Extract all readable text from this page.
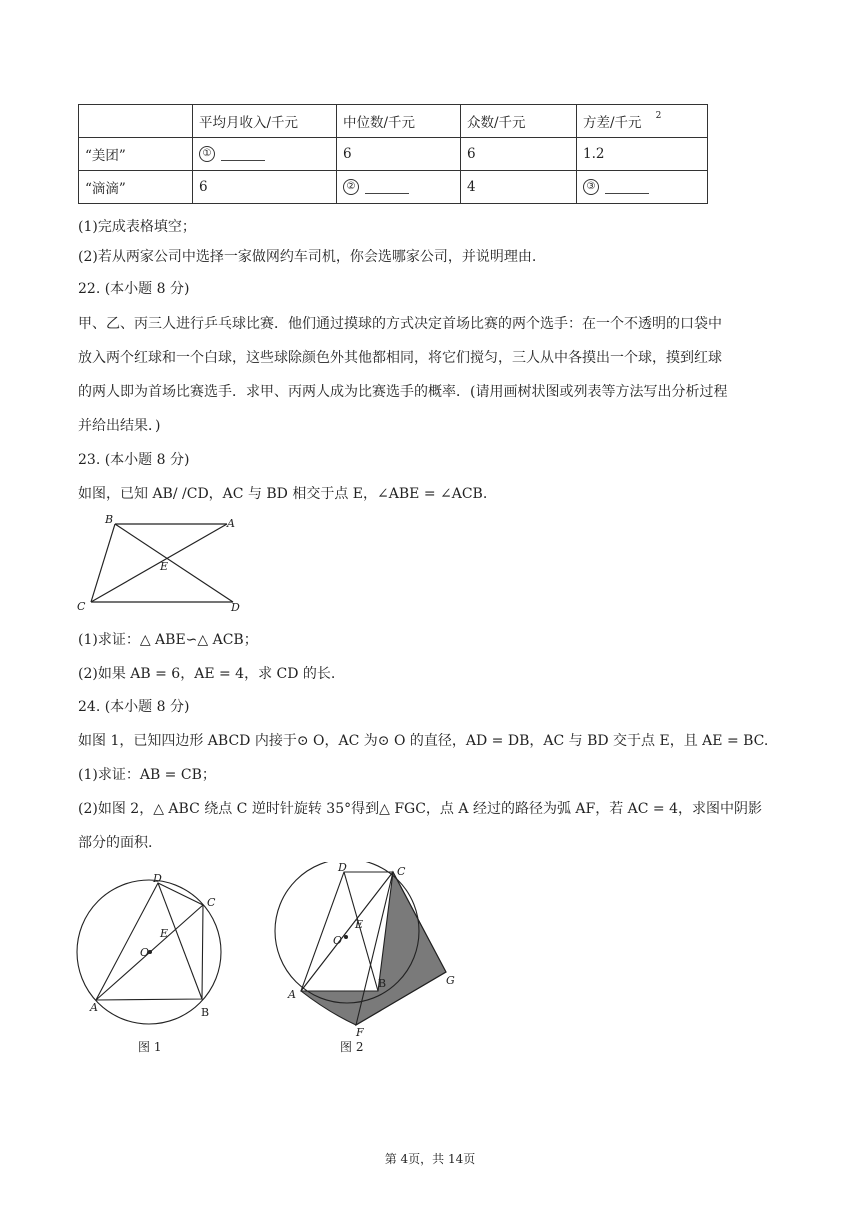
	平均月收入/千元	中位数/千元	众数/千元	方差/千元 $^2$
“美团”	①	6	6	1.2
“滴滴”	6	②	4	③
(1)完成表格填空；
(2)若从两家公司中选择一家做网约车司机，你会选哪家公司，并说明理由.
22. (本小题 8 分)
甲、乙、丙三人进行乒乓球比赛．他们通过摸球的方式决定首场比赛的两个选手：在一个不透明的口袋中
放入两个红球和一个白球，这些球除颜色外其他都相同，将它们搅匀，三人从中各摸出一个球，摸到红球
的两人即为首场比赛选手．求甲、丙两人成为比赛选手的概率．(请用画树状图或列表等方法写出分析过程
并给出结果．)
23. (本小题 8 分)
如图，已知 AB/ /CD，AC 与 BD 相交于点 E，∠ABE = ∠ACB.
B	A
E
C	D
(1)求证：△ ABE∽△ ACB；
(2)如果 AB = 6，AE = 4，求 CD 的长.
24. (本小题 8 分)
如图 1，已知四边形 ABCD 内接于⊙ O，AC 为⊙ O 的直径，AD = DB，AC 与 BD 交于点 E，且 AE = BC.
(1)求证：AB = CB；
(2)如图 2，△ ABC 绕点 C 逆时针旋转 35°得到△ FGC，点 A 经过的路径为弧 AF，若 AC = 4，求图中阴影
部分的面积.
D
C
E
O
A	B
图 1
D	C
E
O
A
B	G
F
图 2
第 4页，共 14页
